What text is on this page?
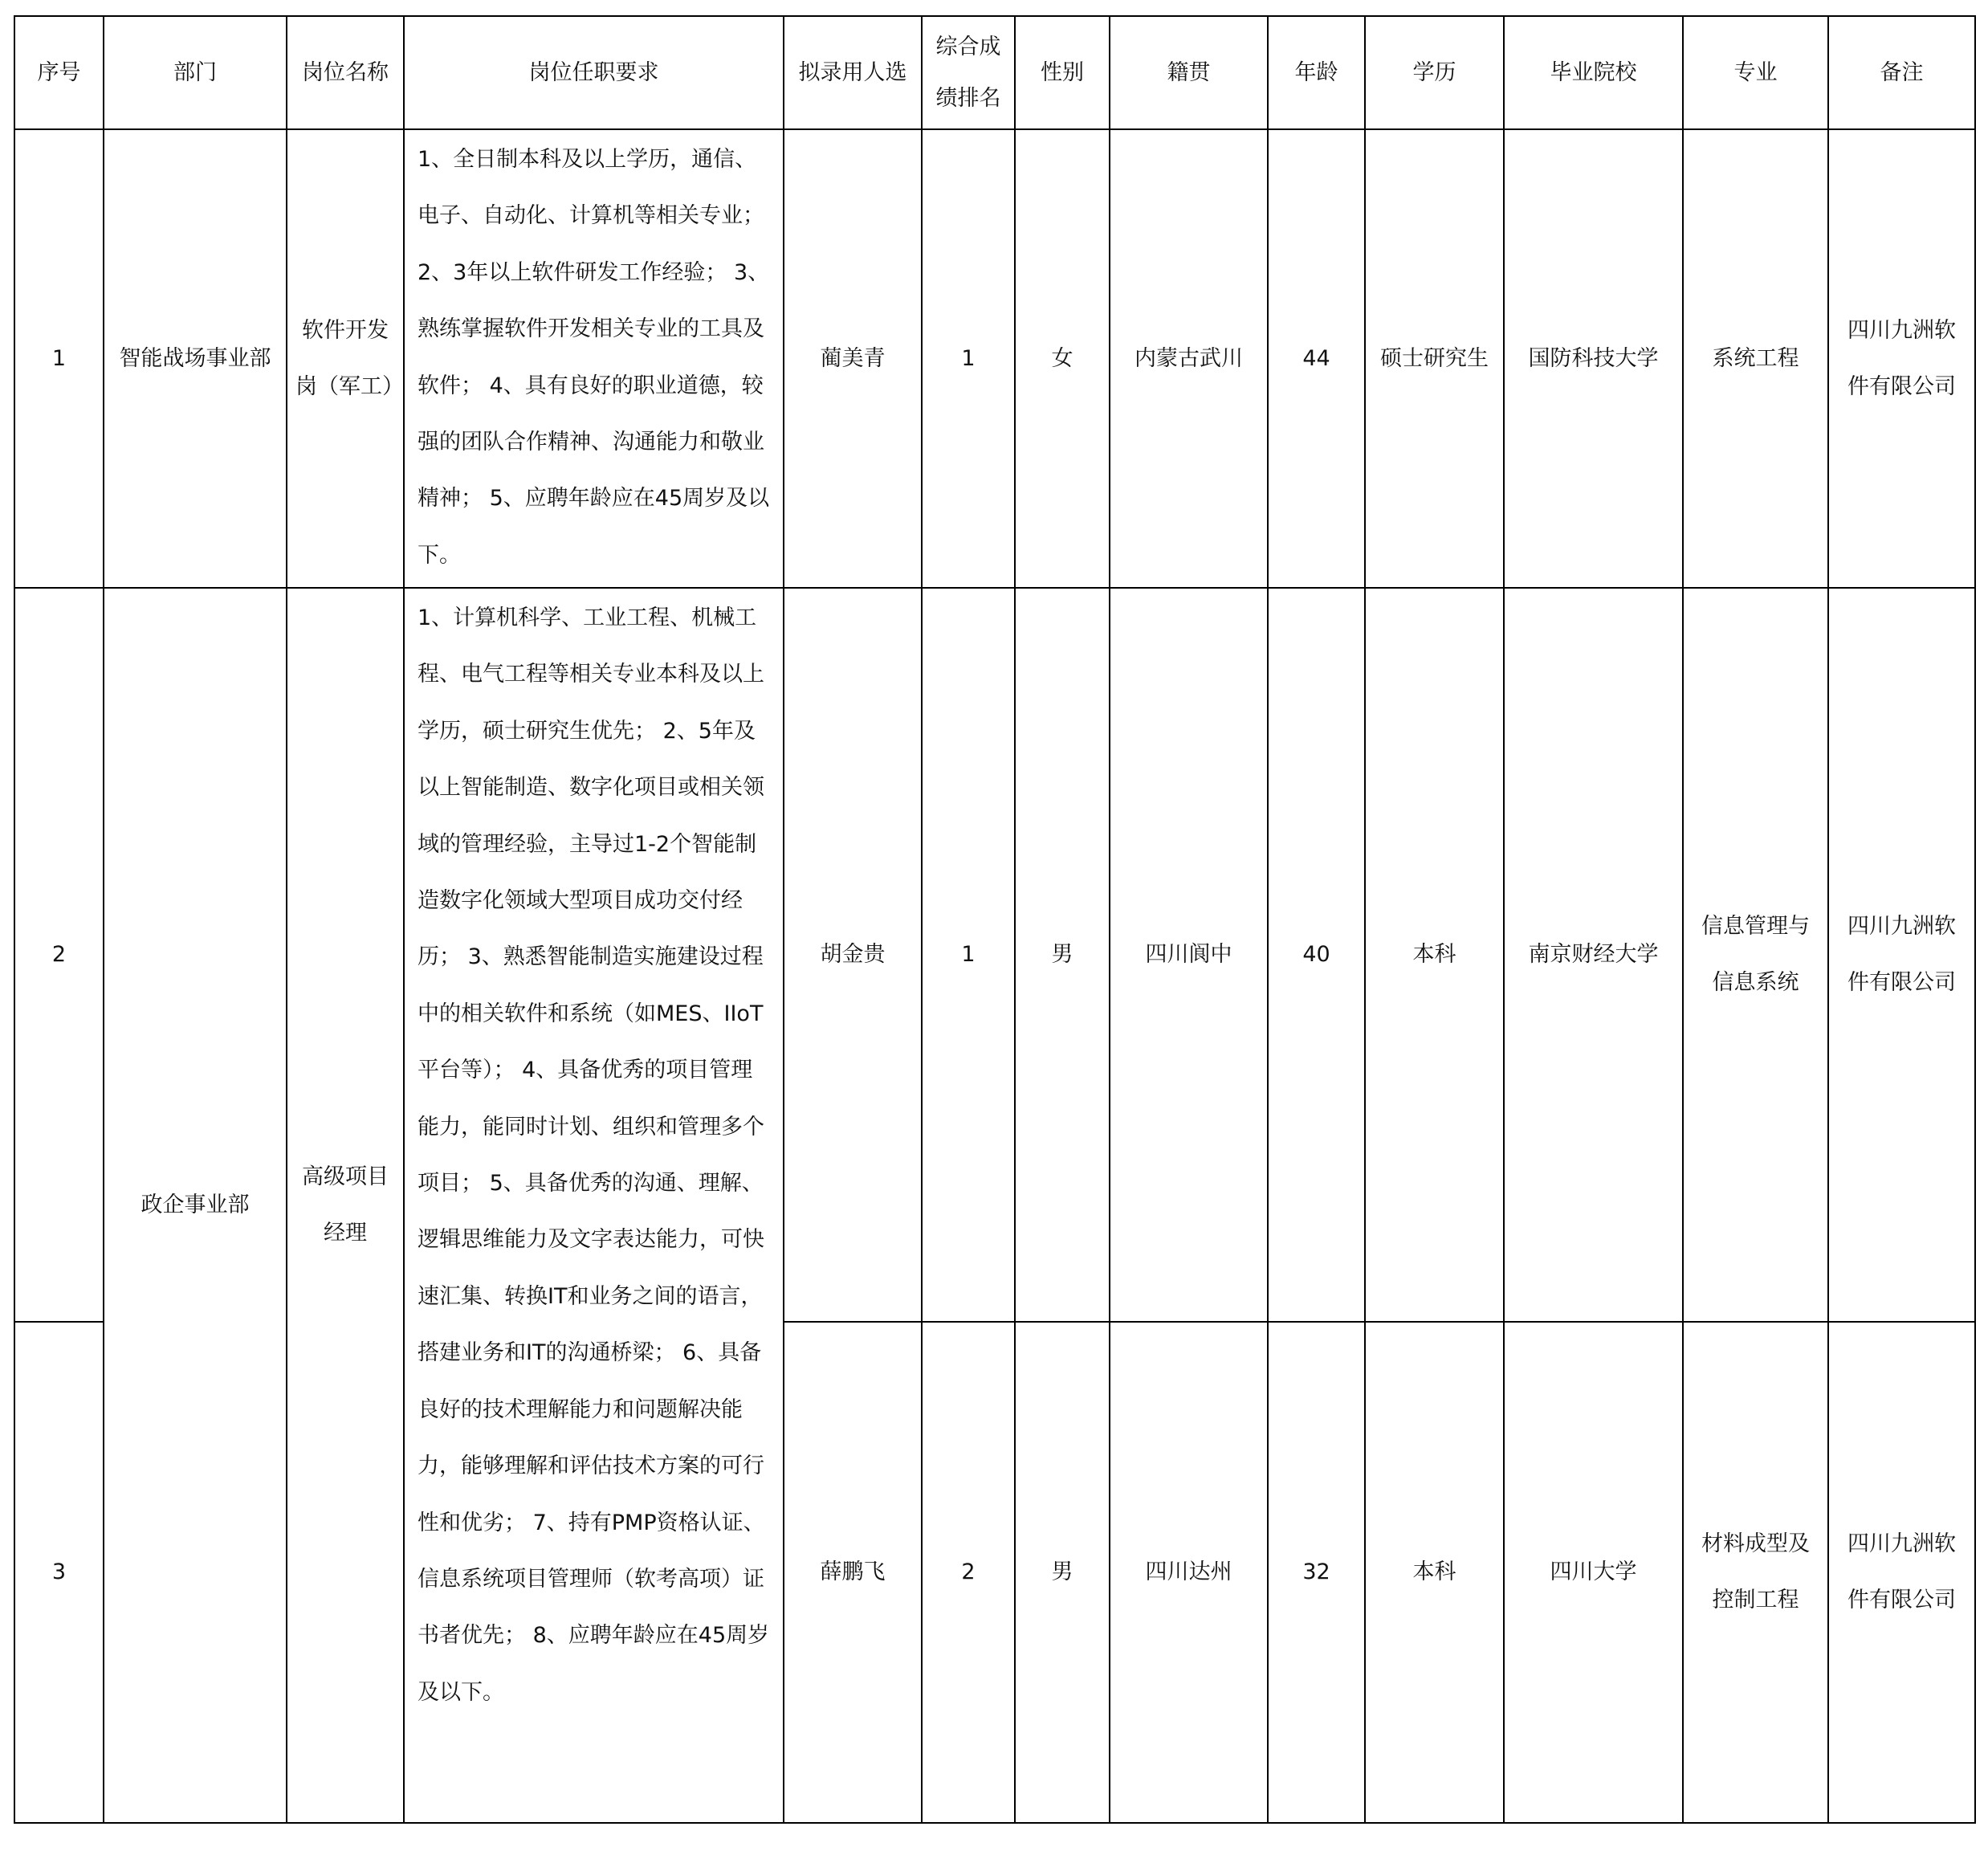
序号	部门	岗位名称	岗位任职要求	拟录用人选	综合成绩排名	性别	籍贯	年龄	学历	毕业院校	专业	备注
1	智能战场事业部	软件开发岗（军工）	1、全日制本科及以上学历，通信、电子、自动化、计算机等相关专业； 2、3年以上软件研发工作经验； 3、熟练掌握软件开发相关专业的工具及软件； 4、具有良好的职业道德，较强的团队合作精神、沟通能力和敬业精神； 5、应聘年龄应在45周岁及以下。	蔺美青	1	女	内蒙古武川	44	硕士研究生	国防科技大学	系统工程	四川九洲软件有限公司
2	政企事业部	高级项目经理	1、计算机科学、工业工程、机械工程、电气工程等相关专业本科及以上学历，硕士研究生优先； 2、5年及以上智能制造、数字化项目或相关领域的管理经验，主导过1-2个智能制造数字化领域大型项目成功交付经历； 3、熟悉智能制造实施建设过程中的相关软件和系统（如MES、IIoT平台等）； 4、具备优秀的项目管理能力，能同时计划、组织和管理多个项目； 5、具备优秀的沟通、理解、逻辑思维能力及文字表达能力，可快速汇集、转换IT和业务之间的语言，搭建业务和IT的沟通桥梁； 6、具备良好的技术理解能力和问题解决能力，能够理解和评估技术方案的可行性和优劣； 7、持有PMP资格认证、信息系统项目管理师（软考高项）证书者优先； 8、应聘年龄应在45周岁及以下。	胡金贵	1	男	四川阆中	40	本科	南京财经大学	信息管理与信息系统	四川九洲软件有限公司
3				薛鹏飞	2	男	四川达州	32	本科	四川大学	材料成型及控制工程	四川九洲软件有限公司
